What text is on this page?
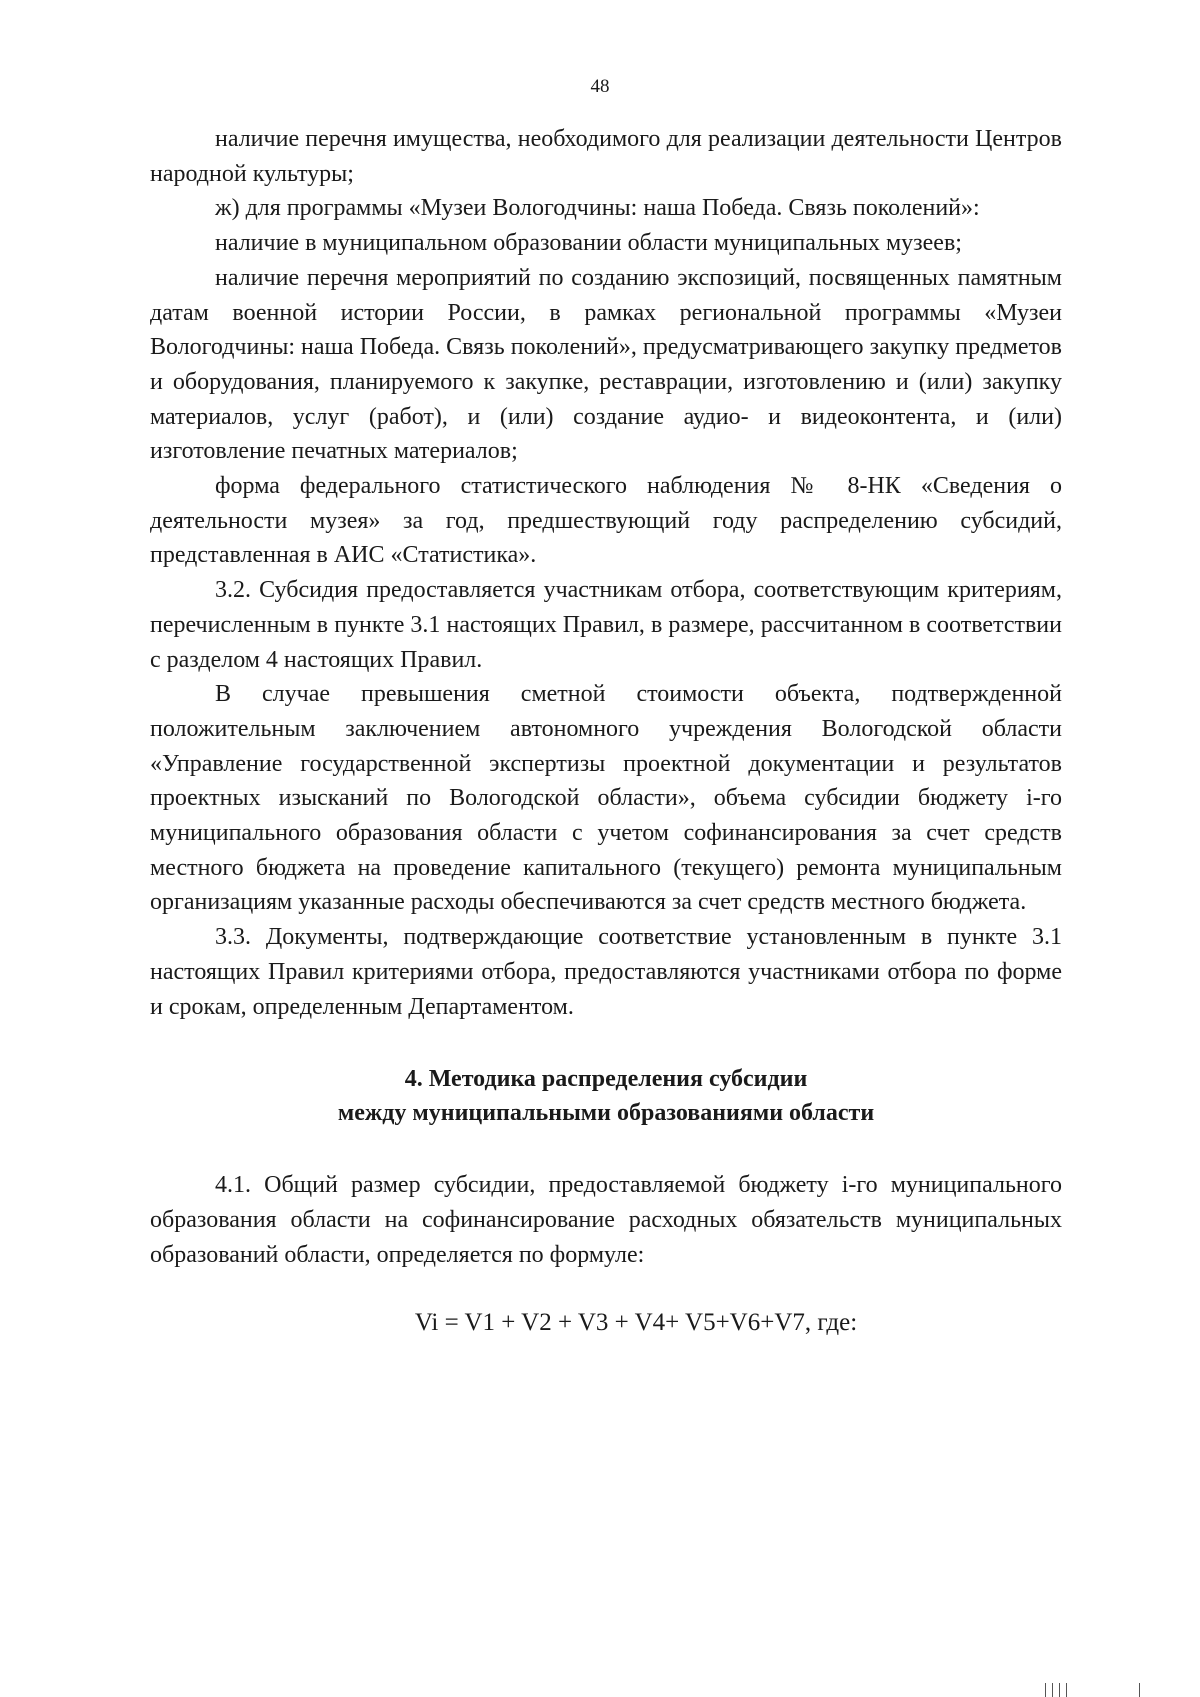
48

наличие перечня имущества, необходимого для реализации деятельности Центров народной культуры;

ж) для программы «Музеи Вологодчины: наша Победа. Связь поколений»:

наличие в муниципальном образовании области муниципальных музеев;

наличие перечня мероприятий по созданию экспозиций, посвященных памятным датам военной истории России, в рамках региональной программы «Музеи Вологодчины: наша Победа. Связь поколений», предусматривающего закупку предметов и оборудования, планируемого к закупке, реставрации, изготовлению и (или) закупку материалов, услуг (работ), и (или) создание аудио- и видеоконтента, и (или) изготовление печатных материалов;

форма федерального статистического наблюдения № 8-НК «Сведения о деятельности музея» за год, предшествующий году распределению субсидий, представленная в АИС «Статистика».

3.2. Субсидия предоставляется участникам отбора, соответствующим критериям, перечисленным в пункте 3.1 настоящих Правил, в размере, рассчитанном в соответствии с разделом 4 настоящих Правил.

В случае превышения сметной стоимости объекта, подтвержденной положительным заключением автономного учреждения Вологодской области «Управление государственной экспертизы проектной документации и результатов проектных изысканий по Вологодской области», объема субсидии бюджету i-го муниципального образования области с учетом софинансирования за счет средств местного бюджета на проведение капитального (текущего) ремонта муниципальным организациям указанные расходы обеспечиваются за счет средств местного бюджета.

3.3. Документы, подтверждающие соответствие установленным в пункте 3.1 настоящих Правил критериями отбора, предоставляются участниками отбора по форме и срокам, определенным Департаментом.

4. Методика распределения субсидии
между муниципальными образованиями области

4.1. Общий размер субсидии, предоставляемой бюджету i-го муниципального образования области на софинансирование расходных обязательств муниципальных образований области, определяется по формуле:

Vi = V1 + V2 + V3 + V4+ V5+V6+V7, где:
